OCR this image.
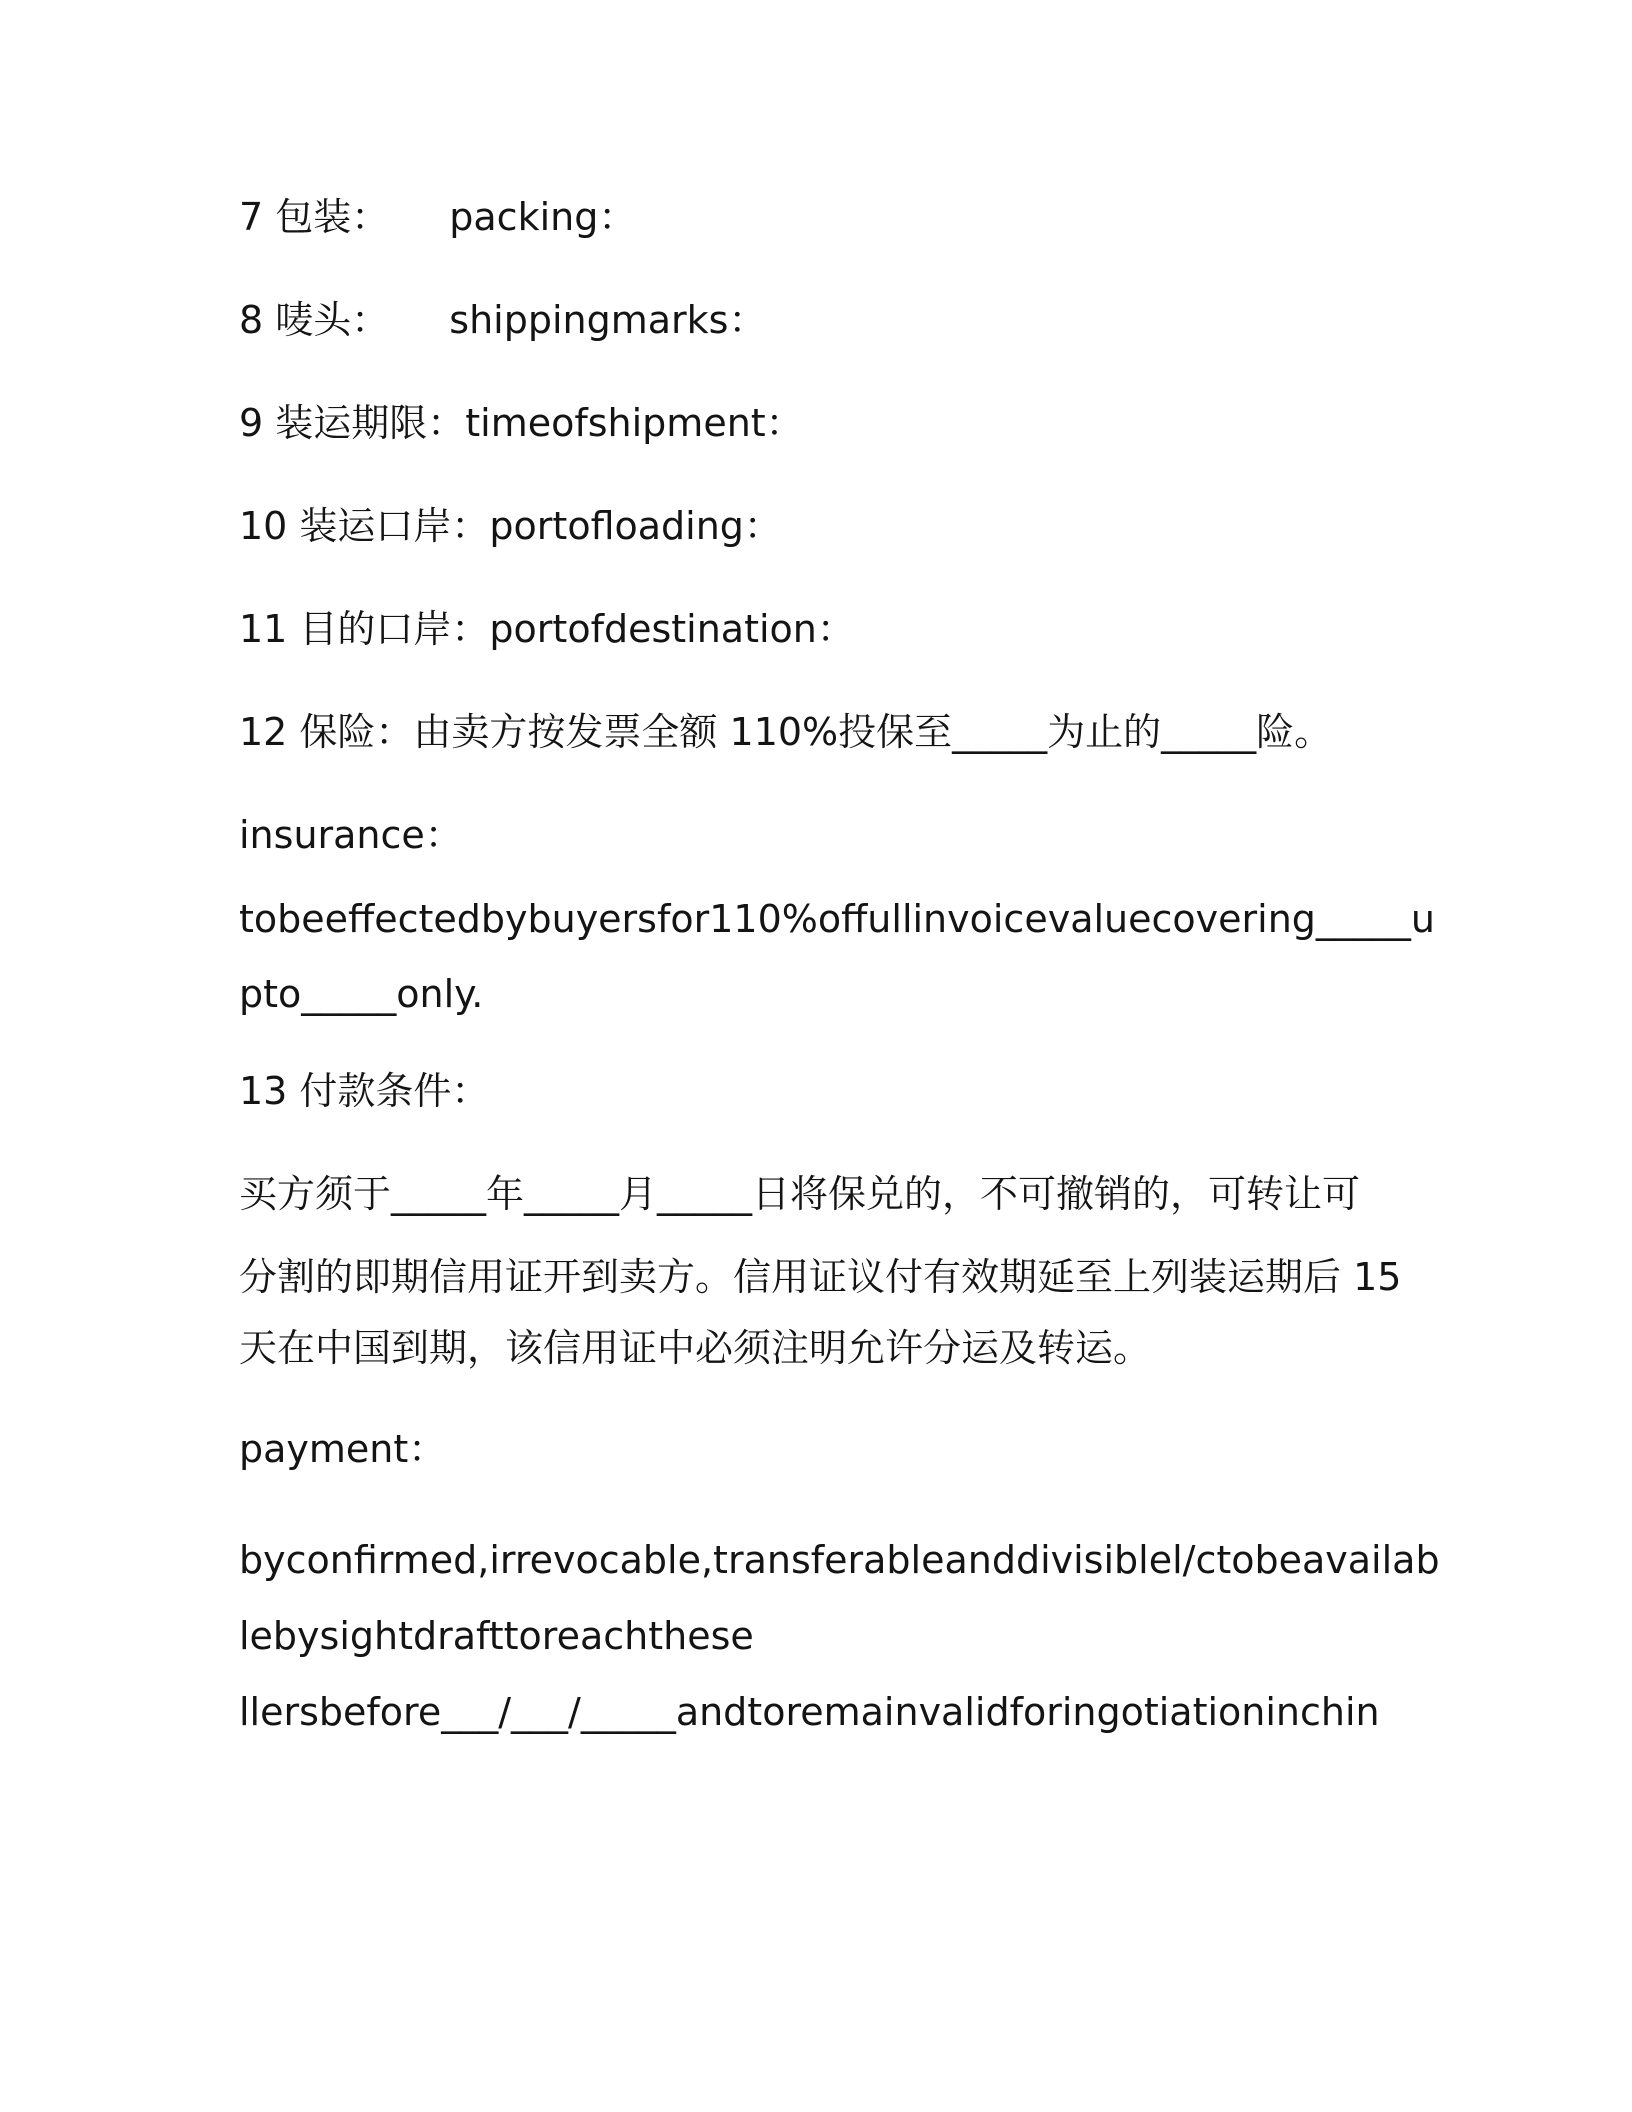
7 包装： packing：
8 唛头： shippingmarks：
9 装运期限：timeofshipment：
10 装运口岸：portofloading：
11 目的口岸：portofdestination：
12 保险：由卖方按发票全额 110%投保至_____为止的_____险。
insurance：
tobeeffectedbybuyersfor110%offullinvoicevaluecovering_____u
pto_____only.
13 付款条件：
买方须于_____年_____月_____日将保兑的，不可撤销的，可转让可
分割的即期信用证开到卖方。信用证议付有效期延至上列装运期后 15
天在中国到期，该信用证中必须注明允许分运及转运。
payment：
byconfirmed,irrevocable,transferableanddivisiblel/ctobeavailab
lebysightdrafttoreachthese
llersbefore___/___/_____andtoremainvalidforingotiationinchin
